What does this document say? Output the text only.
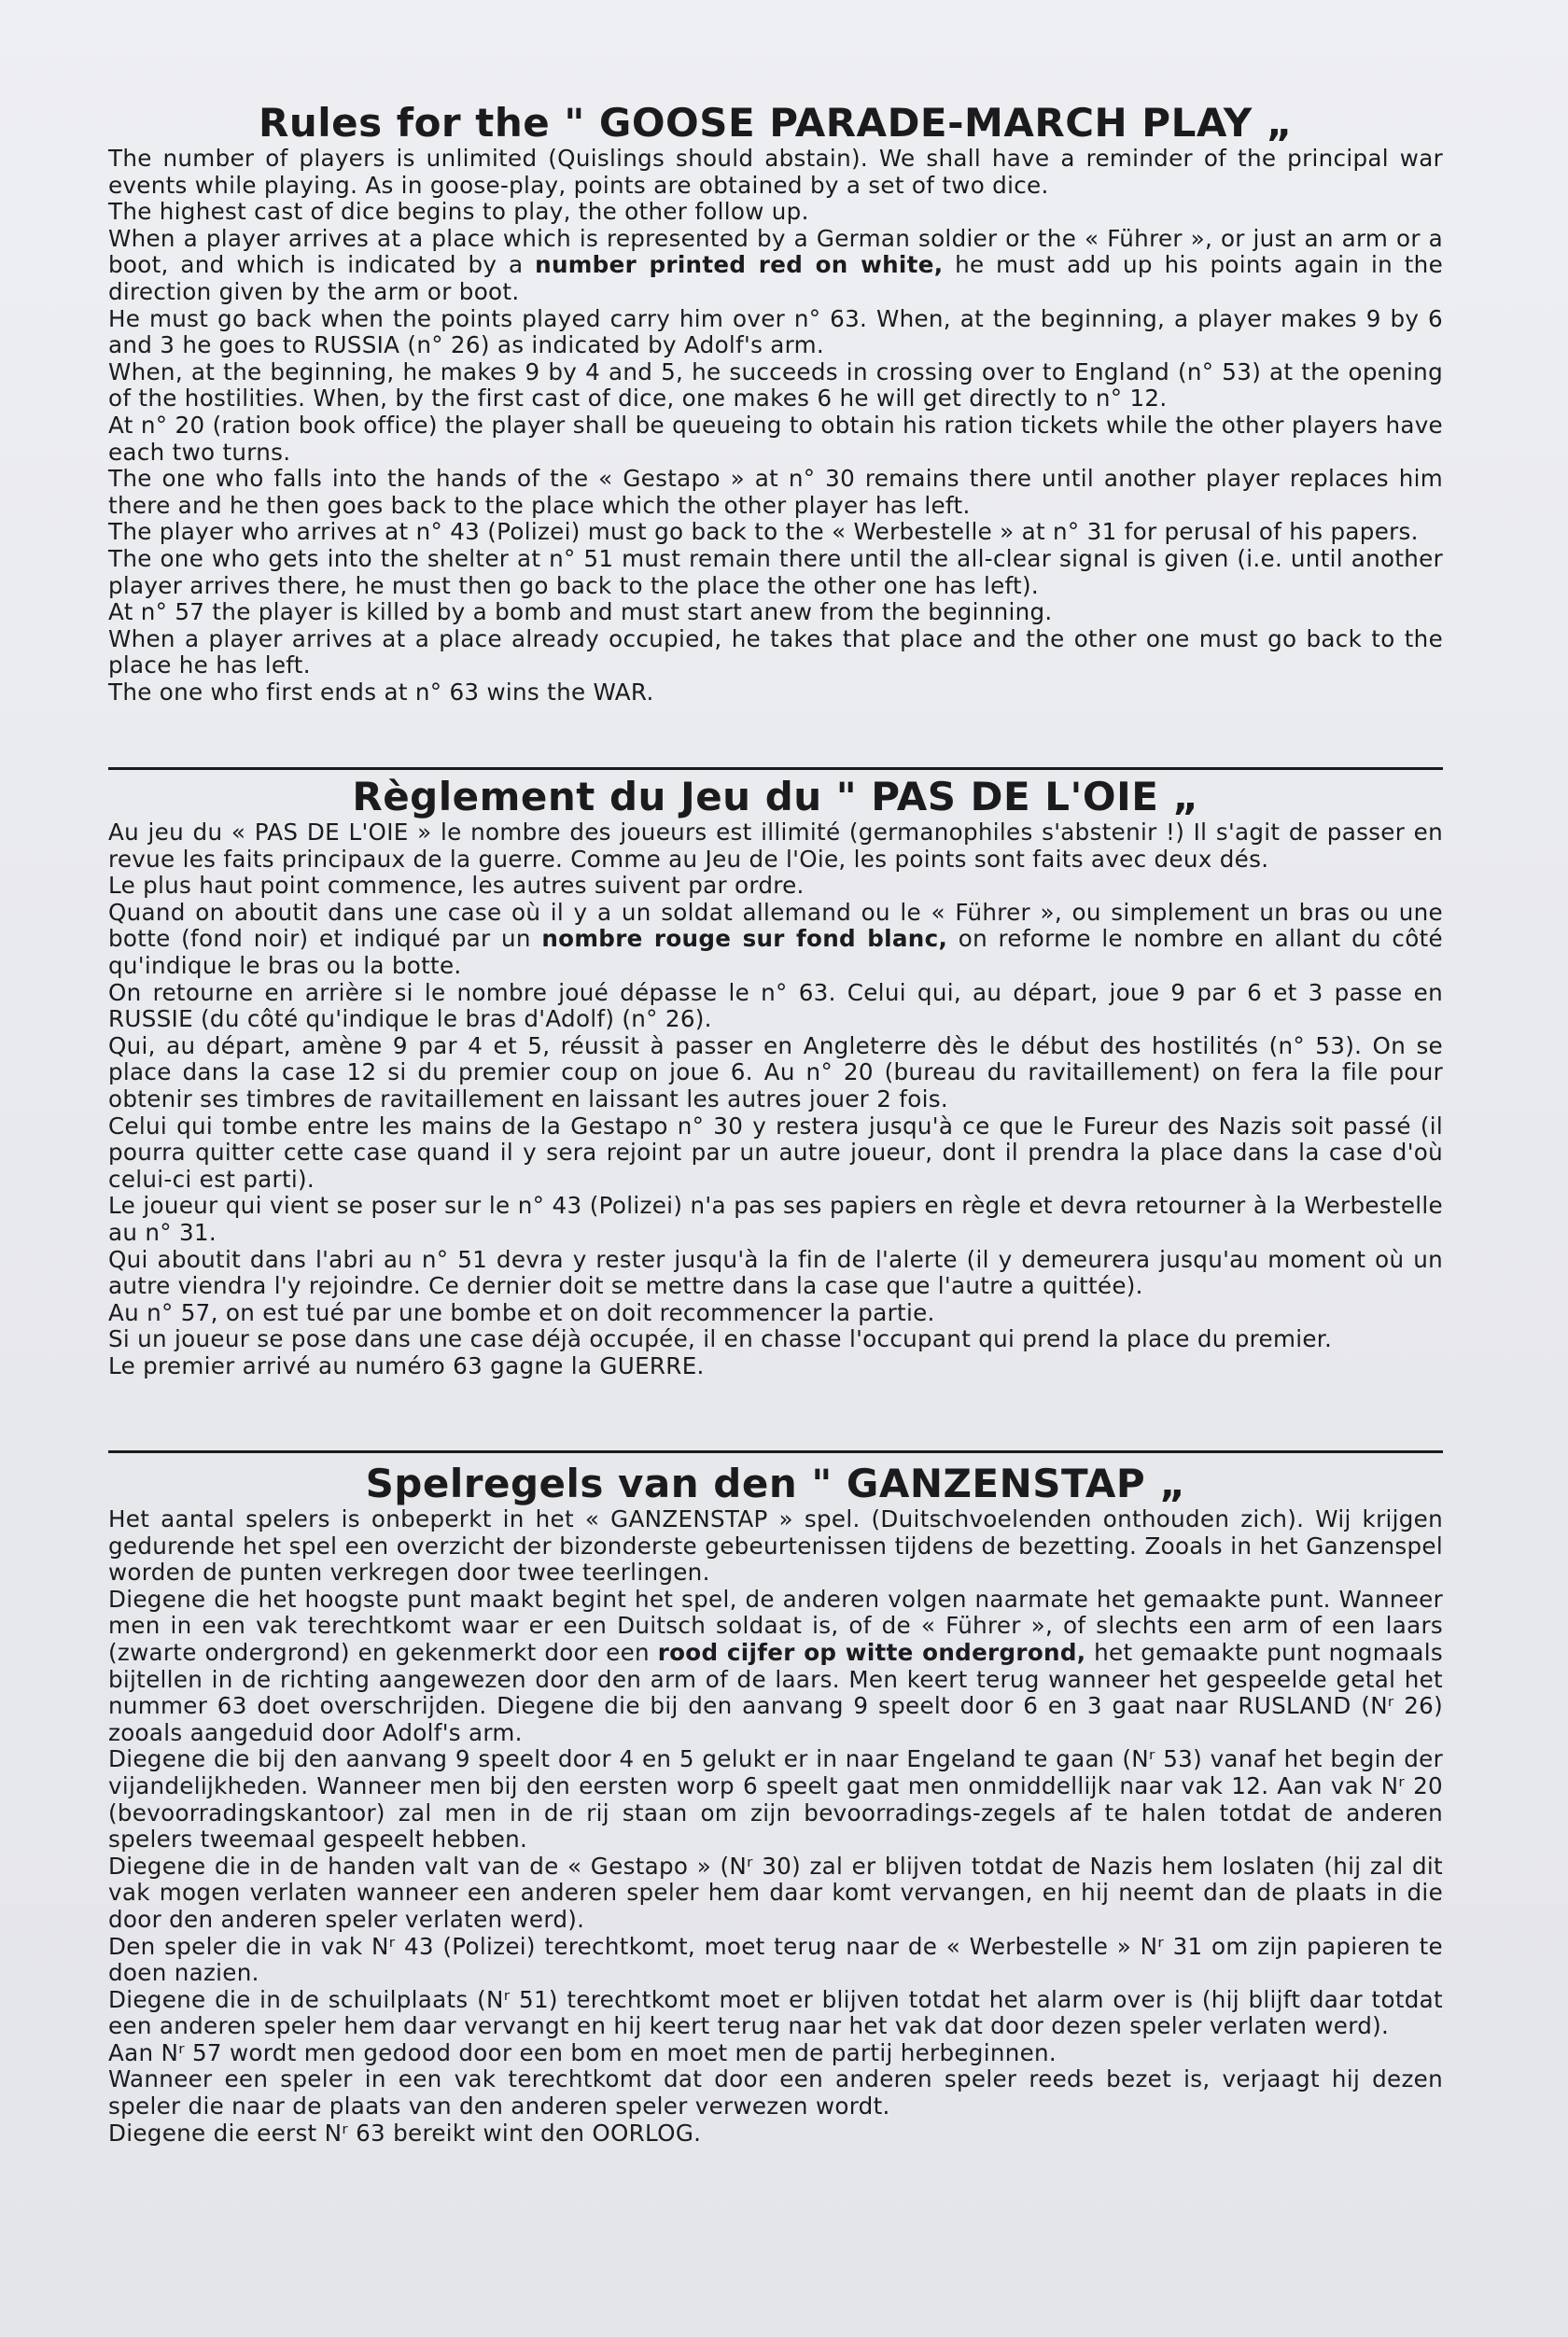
Rules for the " GOOSE PARADE-MARCH PLAY „

The number of players is unlimited (Quislings should abstain). We shall have a reminder of the principal war events while playing. As in goose-play, points are obtained by a set of two dice.

The highest cast of dice begins to play, the other follow up.

When a player arrives at a place which is represented by a German soldier or the « Führer », or just an arm or a boot, and which is indicated by a number printed red on white, he must add up his points again in the direction given by the arm or boot.

He must go back when the points played carry him over n° 63. When, at the beginning, a player makes 9 by 6 and 3 he goes to RUSSIA (n° 26) as indicated by Adolf's arm.

When, at the beginning, he makes 9 by 4 and 5, he succeeds in crossing over to England (n° 53) at the opening of the hostilities. When, by the first cast of dice, one makes 6 he will get directly to n° 12.

At n° 20 (ration book office) the player shall be queueing to obtain his ration tickets while the other players have each two turns.

The one who falls into the hands of the « Gestapo » at n° 30 remains there until another player replaces him there and he then goes back to the place which the other player has left.

The player who arrives at n° 43 (Polizei) must go back to the « Werbestelle » at n° 31 for perusal of his papers.

The one who gets into the shelter at n° 51 must remain there until the all-clear signal is given (i.e. until another player arrives there, he must then go back to the place the other one has left).

At n° 57 the player is killed by a bomb and must start anew from the beginning.

When a player arrives at a place already occupied, he takes that place and the other one must go back to the place he has left.

The one who first ends at n° 63 wins the WAR.

Règlement du Jeu du " PAS DE L'OIE „

Au jeu du « PAS DE L'OIE » le nombre des joueurs est illimité (germanophiles s'abstenir !) Il s'agit de passer en revue les faits principaux de la guerre. Comme au Jeu de l'Oie, les points sont faits avec deux dés.

Le plus haut point commence, les autres suivent par ordre.

Quand on aboutit dans une case où il y a un soldat allemand ou le « Führer », ou simplement un bras ou une botte (fond noir) et indiqué par un nombre rouge sur fond blanc, on reforme le nombre en allant du côté qu'indique le bras ou la botte.

On retourne en arrière si le nombre joué dépasse le n° 63. Celui qui, au départ, joue 9 par 6 et 3 passe en RUSSIE (du côté qu'indique le bras d'Adolf) (n° 26).

Qui, au départ, amène 9 par 4 et 5, réussit à passer en Angleterre dès le début des hostilités (n° 53). On se place dans la case 12 si du premier coup on joue 6. Au n° 20 (bureau du ravitaillement) on fera la file pour obtenir ses timbres de ravitaillement en laissant les autres jouer 2 fois.

Celui qui tombe entre les mains de la Gestapo n° 30 y restera jusqu'à ce que le Fureur des Nazis soit passé (il pourra quitter cette case quand il y sera rejoint par un autre joueur, dont il prendra la place dans la case d'où celui-ci est parti).

Le joueur qui vient se poser sur le n° 43 (Polizei) n'a pas ses papiers en règle et devra retourner à la Werbestelle au n° 31.

Qui aboutit dans l'abri au n° 51 devra y rester jusqu'à la fin de l'alerte (il y demeurera jusqu'au moment où un autre viendra l'y rejoindre. Ce dernier doit se mettre dans la case que l'autre a quittée).

Au n° 57, on est tué par une bombe et on doit recommencer la partie.

Si un joueur se pose dans une case déjà occupée, il en chasse l'occupant qui prend la place du premier.

Le premier arrivé au numéro 63 gagne la GUERRE.

Spelregels van den " GANZENSTAP „

Het aantal spelers is onbeperkt in het « GANZENSTAP » spel. (Duitschvoelenden onthouden zich). Wij krijgen gedurende het spel een overzicht der bizonderste gebeurtenissen tijdens de bezetting. Zooals in het Ganzenspel worden de punten verkregen door twee teerlingen.

Diegene die het hoogste punt maakt begint het spel, de anderen volgen naarmate het gemaakte punt. Wanneer men in een vak terechtkomt waar er een Duitsch soldaat is, of de « Führer », of slechts een arm of een laars (zwarte ondergrond) en gekenmerkt door een rood cijfer op witte ondergrond, het gemaakte punt nogmaals bijtellen in de richting aangewezen door den arm of de laars. Men keert terug wanneer het gespeelde getal het nummer 63 doet overschrijden. Diegene die bij den aanvang 9 speelt door 6 en 3 gaat naar RUSLAND (Nʳ 26) zooals aangeduid door Adolf's arm.

Diegene die bij den aanvang 9 speelt door 4 en 5 gelukt er in naar Engeland te gaan (Nʳ 53) vanaf het begin der vijandelijkheden. Wanneer men bij den eersten worp 6 speelt gaat men onmiddellijk naar vak 12. Aan vak Nʳ 20 (bevoorradingskantoor) zal men in de rij staan om zijn bevoorradings-zegels af te halen totdat de anderen spelers tweemaal gespeelt hebben.

Diegene die in de handen valt van de « Gestapo » (Nʳ 30) zal er blijven totdat de Nazis hem loslaten (hij zal dit vak mogen verlaten wanneer een anderen speler hem daar komt vervangen, en hij neemt dan de plaats in die door den anderen speler verlaten werd).

Den speler die in vak Nʳ 43 (Polizei) terechtkomt, moet terug naar de « Werbestelle » Nʳ 31 om zijn papieren te doen nazien.

Diegene die in de schuilplaats (Nʳ 51) terechtkomt moet er blijven totdat het alarm over is (hij blijft daar totdat een anderen speler hem daar vervangt en hij keert terug naar het vak dat door dezen speler verlaten werd).

Aan Nʳ 57 wordt men gedood door een bom en moet men de partij herbeginnen.

Wanneer een speler in een vak terechtkomt dat door een anderen speler reeds bezet is, verjaagt hij dezen speler die naar de plaats van den anderen speler verwezen wordt.

Diegene die eerst Nʳ 63 bereikt wint den OORLOG.
